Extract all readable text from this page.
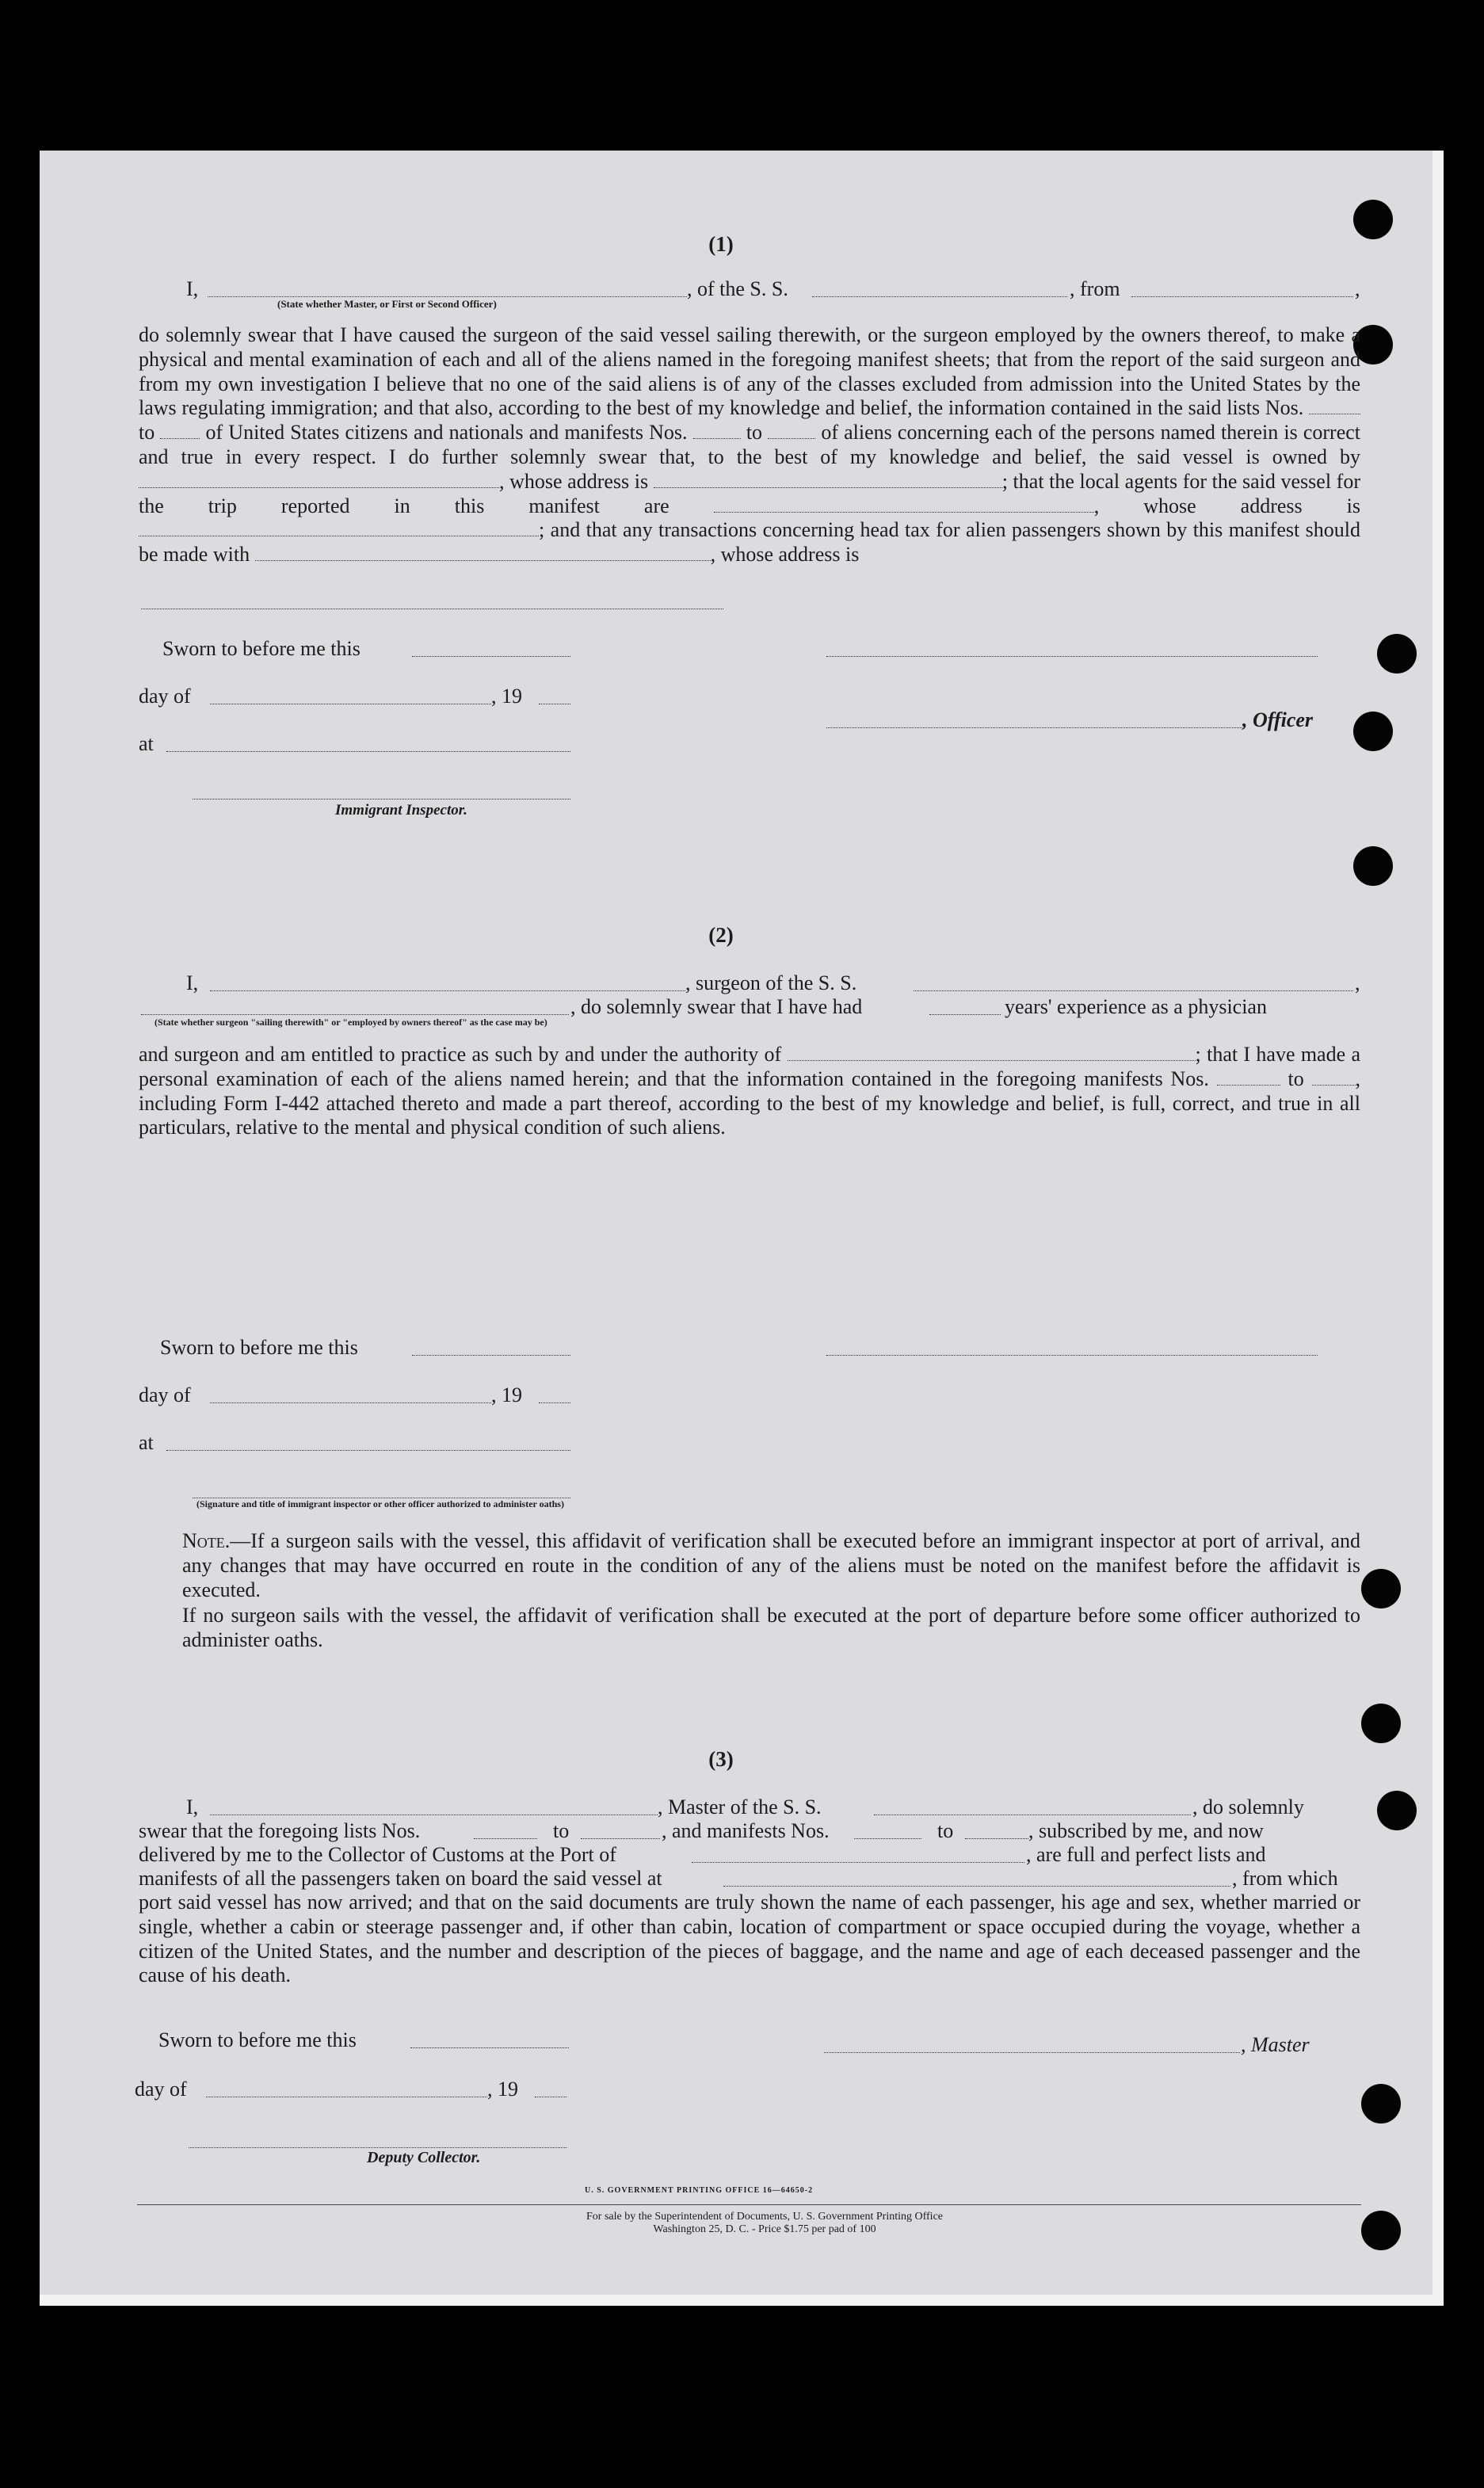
(1)
I,
(State whether Master, or First or Second Officer)
, of the S. S.	, from	,

do solemnly swear that I have caused the surgeon of the said vessel sailing therewith, or the surgeon employed by the owners thereof, to make a physical and mental examination of each and all of the aliens named in the foregoing manifest sheets; that from the report of the said surgeon and from my own investigation I believe that no one of the said aliens is of any of the classes excluded from admission into the United States by the laws regulating immigration; and that also, according to the best of my knowledge and belief, the information contained in the said lists Nos.  to of United States citizens and nationals and manifests Nos.	to	of aliens concerning each of the persons named therein is correct and true in every respect. I do further solemnly swear that, to the best of my knowledge and belief, the said vessel is owned by , whose address is	; that the local agents for the said vessel for the trip reported in this manifest are	, whose address is ; and that any transactions concerning head tax for alien passengers shown by this manifest should be made with	, whose address is

Sworn to before me this
day of	, 19
at
Immigrant Inspector.
, Officer
(2)
I,	, surgeon of the S. S.	,
, do solemnly swear that I have had	years' experience as a physician
(State whether surgeon "sailing therewith" or "employed by owners thereof" as the case may be)

and surgeon and am entitled to practice as such by and under the authority of	; that I have made a personal examination of each of the aliens named herein; and that the information contained in the foregoing manifests Nos.	to , including Form I-442 attached thereto and made a part thereof, according to the best of my knowledge and belief, is full, correct, and true in all particulars, relative to the mental and physical condition of such aliens.

Sworn to before me this
day of	, 19
at
(Signature and title of immigrant inspector or other officer authorized to administer oaths)

Note.—If a surgeon sails with the vessel, this affidavit of verification shall be executed before an immigrant inspector at port of arrival, and any changes that may have occurred en route in the condition of any of the aliens must be noted on the manifest before the affidavit is executed.

If no surgeon sails with the vessel, the affidavit of verification shall be executed at the port of departure before some officer authorized to administer oaths.

(3)
I,	, Master of the S. S.	, do solemnly
swear that the foregoing lists Nos.	to	, and manifests Nos.	to	, subscribed by me, and now
delivered by me to the Collector of Customs at the Port of	, are full and perfect lists and
manifests of all the passengers taken on board the said vessel at	, from which
port said vessel has now arrived; and that on the said documents are truly shown the name of each passenger, his age and sex, whether married or single, whether a cabin or steerage passenger and, if other than cabin, location of compartment or space occupied during the voyage, whether a citizen of the United States, and the number and description of the pieces of baggage, and the name and age of each deceased passenger and the cause of his death.
Sworn to before me this
day of	, 19
Deputy Collector.
, Master
U. S. GOVERNMENT PRINTING OFFICE 16—64650-2
For sale by the Superintendent of Documents, U. S. Government Printing Office
Washington 25, D. C. - Price $1.75 per pad of 100
